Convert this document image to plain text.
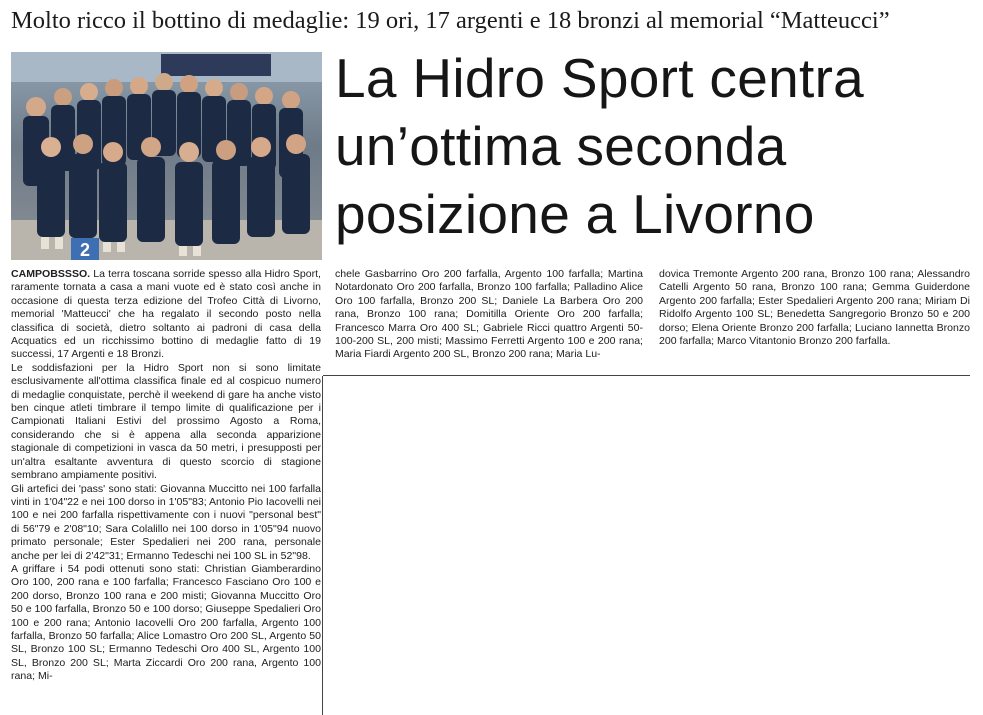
Molto ricco il bottino di medaglie: 19 ori, 17 argenti e 18 bronzi al memorial “Matteucci”
2
La Hidro Sport centra un’ottima seconda posizione a Livorno

CAMPOBSSSO. La terra toscana sorride spesso alla Hidro Sport, raramente tornata a casa a mani vuote ed è stato così anche in occasione di questa terza edizione del Trofeo Città di Livorno, memorial 'Matteucci' che ha regalato il secondo posto nella classifica di società, dietro soltanto ai padroni di casa della Acquatics ed un ricchissimo bottino di medaglie fatto di 19 successi, 17 Argenti e 18 Bronzi.

Le soddisfazioni per la Hidro Sport non si sono limitate esclusivamente all'ottima classifica finale ed al cospicuo numero di medaglie conquistate, perchè il weekend di gare ha anche visto ben cinque atleti timbrare il tempo limite di qualificazione per i Campionati Italiani Estivi del prossimo Agosto a Roma, considerando che si è appena alla seconda apparizione stagionale di competizioni in vasca da 50 metri, i presupposti per un'altra esaltante avventura di questo scorcio di stagione sembrano ampiamente positivi.

Gli artefici dei 'pass' sono stati: Giovanna Muccitto nei 100 farfalla vinti in 1'04"22 e nei 100 dorso in 1'05"83; Antonio Pio Iacovelli nei 100 e nei 200 farfalla rispettivamente con i nuovi "personal best" di 56"79 e 2'08"10; Sara Colalillo nei 100 dorso in 1'05"94 nuovo primato personale; Ester Spedalieri nei 200 rana, personale anche per lei di 2'42"31; Ermanno Tedeschi nei 100 SL in 52"98.

A griffare i 54 podi ottenuti sono stati: Christian Giamberardino Oro 100, 200 rana e 100 farfalla; Francesco Fasciano Oro 100 e 200 dorso, Bronzo 100 rana e 200 misti; Giovanna Muccitto Oro 50 e 100 farfalla, Bronzo 50 e 100 dorso; Giuseppe Spedalieri Oro 100 e 200 rana; Antonio Iacovelli Oro 200 farfalla, Argento 100 farfalla, Bronzo 50 farfalla; Alice Lomastro Oro 200 SL, Argento 50 SL, Bronzo 100 SL; Ermanno Tedeschi Oro 400 SL, Argento 100 SL, Bronzo 200 SL; Marta Ziccardi Oro 200 rana, Argento 100 rana; Mi-

chele Gasbarrino Oro 200 farfalla, Argento 100 farfalla; Martina Notardonato Oro 200 farfalla, Bronzo 100 farfalla; Palladino Alice Oro 100 farfalla, Bronzo 200 SL; Daniele La Barbera Oro 200 rana, Bronzo 100 rana; Domitilla Oriente Oro 200 farfalla; Francesco Marra Oro 400 SL; Gabriele Ricci quattro Argenti 50-100-200 SL, 200 misti; Massimo Ferretti Argento 100 e 200 rana; Maria Fiardi Argento 200 SL, Bronzo 200 rana; Maria Lu-

dovica Tremonte Argento 200 rana, Bronzo 100 rana; Alessandro Catelli Argento 50 rana, Bronzo 100 rana; Gemma Guiderdone Argento 200 farfalla; Ester Spedalieri Argento 200 rana; Miriam Di Ridolfo Argento 100 SL; Benedetta Sangregorio Bronzo 50 e 200 dorso; Elena Oriente Bronzo 200 farfalla; Luciano Iannetta Bronzo 200 farfalla; Marco Vitantonio Bronzo 200 farfalla.
